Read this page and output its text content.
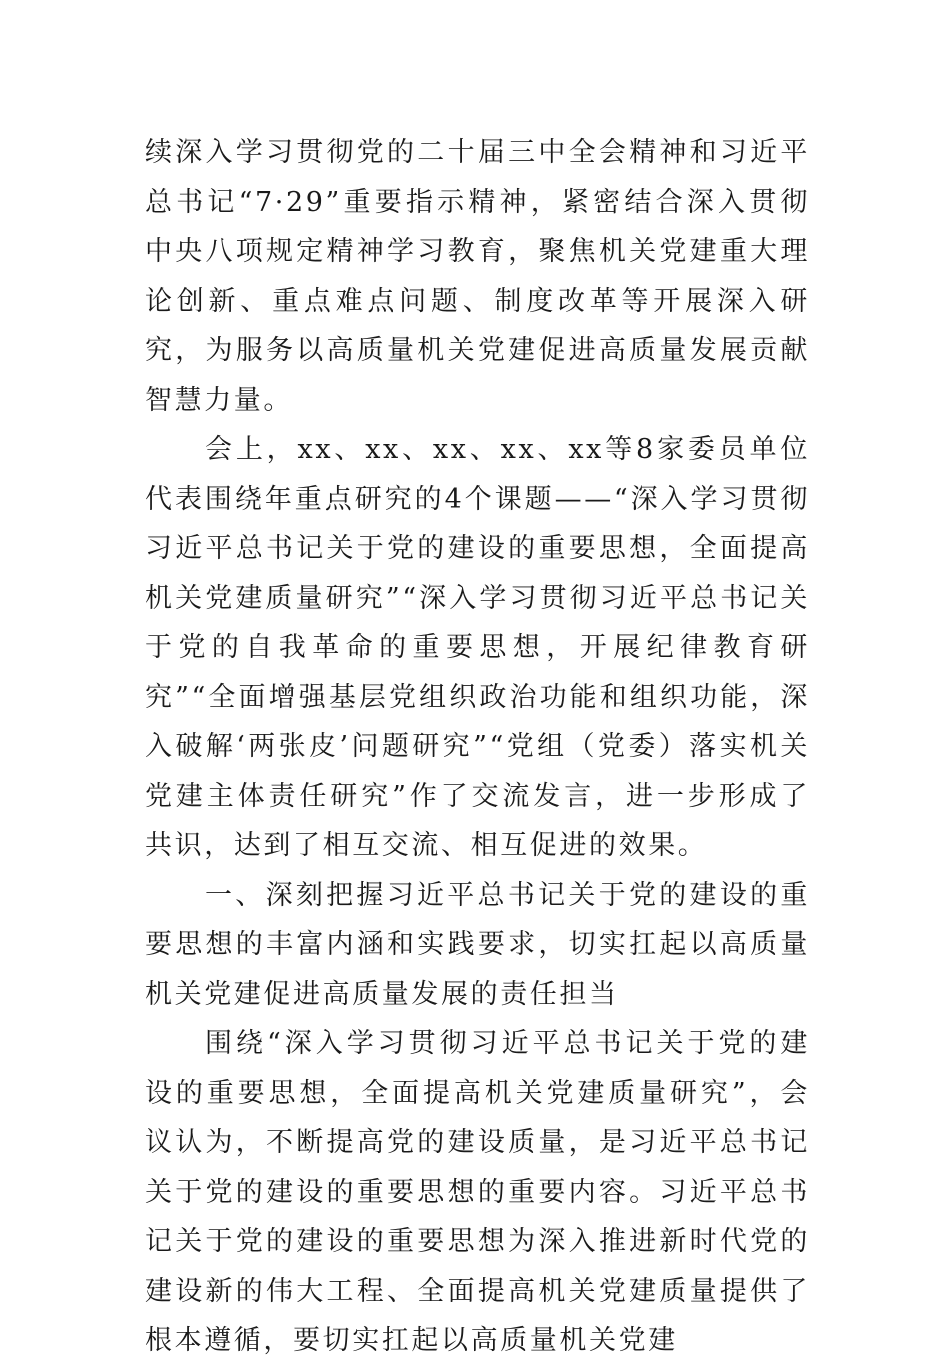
续深入学习贯彻党的二十届三中全会精神和习近平总书记“7·29”重要指示精神，紧密结合深入贯彻中央八项规定精神学习教育，聚焦机关党建重大理论创新、重点难点问题、制度改革等开展深入研究，为服务以高质量机关党建促进高质量发展贡献智慧力量。

会上，xx、xx、xx、xx、xx等8家委员单位代表围绕年重点研究的4个课题——“深入学习贯彻习近平总书记关于党的建设的重要思想，全面提高机关党建质量研究”“深入学习贯彻习近平总书记关于党的自我革命的重要思想，开展纪律教育研究”“全面增强基层党组织政治功能和组织功能，深入破解‘两张皮’问题研究”“党组（党委）落实机关党建主体责任研究”作了交流发言，进一步形成了共识，达到了相互交流、相互促进的效果。

一、深刻把握习近平总书记关于党的建设的重要思想的丰富内涵和实践要求，切实扛起以高质量机关党建促进高质量发展的责任担当

围绕“深入学习贯彻习近平总书记关于党的建设的重要思想，全面提高机关党建质量研究”，会议认为，不断提高党的建设质量，是习近平总书记关于党的建设的重要思想的重要内容。习近平总书记关于党的建设的重要思想为深入推进新时代党的建设新的伟大工程、全面提高机关党建质量提供了根本遵循，要切实扛起以高质量机关党建
